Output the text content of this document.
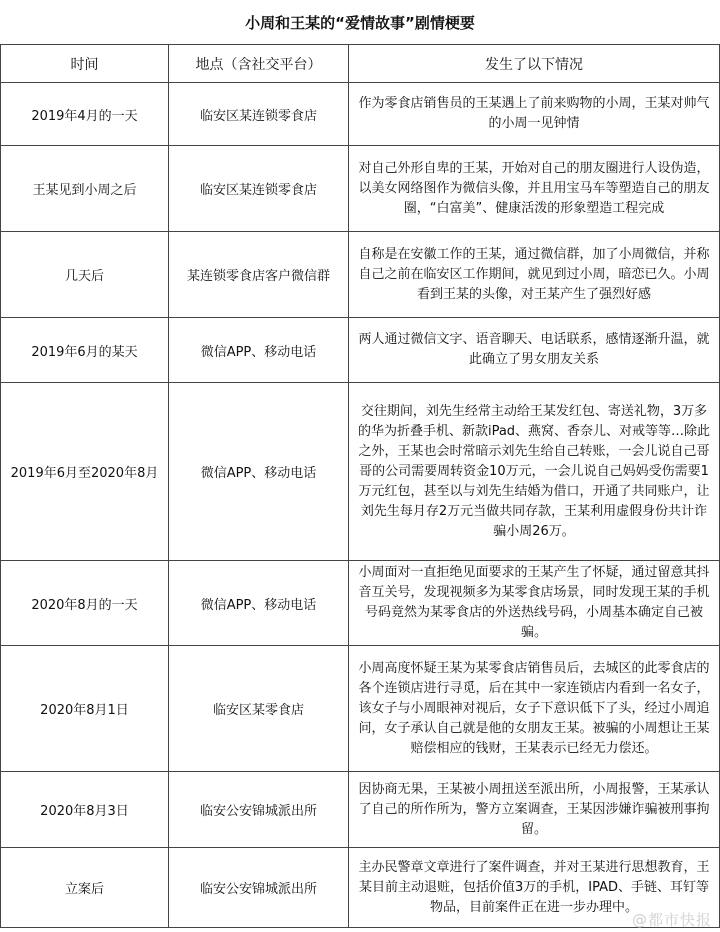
小周和王某的“爱情故事”剧情梗要
时间	地点（含社交平台）	发生了以下情况
2019年4月的一天	临安区某连锁零食店	作为零食店销售员的王某遇上了前来购物的小周，王某对帅气的小周一见钟情
王某见到小周之后	临安区某连锁零食店	对自己外形自卑的王某，开始对自己的朋友圈进行人设伪造，以美女网络图作为微信头像，并且用宝马车等塑造自己的朋友圈，“白富美”、健康活泼的形象塑造工程完成
几天后	某连锁零食店客户微信群	自称是在安徽工作的王某，通过微信群，加了小周微信，并称自己之前在临安区工作期间，就见到过小周，暗恋已久。小周看到王某的头像，对王某产生了强烈好感
2019年6月的某天	微信APP、移动电话	两人通过微信文字、语音聊天、电话联系，感情逐渐升温，就此确立了男女朋友关系
2019年6月至2020年8月	微信APP、移动电话	交往期间，刘先生经常主动给王某发红包、寄送礼物，3万多的华为折叠手机、新款iPad、燕窝、香奈儿、对戒等等…除此之外，王某也会时常暗示刘先生给自己转账，一会儿说自己哥哥的公司需要周转资金10万元，一会儿说自己妈妈受伤需要1万元红包，甚至以与刘先生结婚为借口，开通了共同账户，让刘先生每月存2万元当做共同存款，王某利用虚假身份共计诈骗小周26万。
2020年8月的一天	微信APP、移动电话	小周面对一直拒绝见面要求的王某产生了怀疑，通过留意其抖音互关号，发现视频多为某零食店场景，同时发现王某的手机号码竟然为某零食店的外送热线号码，小周基本确定自己被骗。
2020年8月1日	临安区某零食店	小周高度怀疑王某为某零食店销售员后，去城区的此零食店的各个连锁店进行寻觅，后在其中一家连锁店内看到一名女子，该女子与小周眼神对视后，女子下意识低下了头，经过小周追问，女子承认自己就是他的女朋友王某。被骗的小周想让王某赔偿相应的钱财，王某表示已经无力偿还。
2020年8月3日	临安公安锦城派出所	因协商无果，王某被小周扭送至派出所，小周报警，王某承认了自己的所作所为，警方立案调查，王某因涉嫌诈骗被刑事拘留。
立案后	临安公安锦城派出所	主办民警章文章进行了案件调查，并对王某进行思想教育，王某目前主动退赃，包括价值3万的手机，IPAD、手链、耳钉等物品，目前案件正在进一步办理中。
@都市快报
